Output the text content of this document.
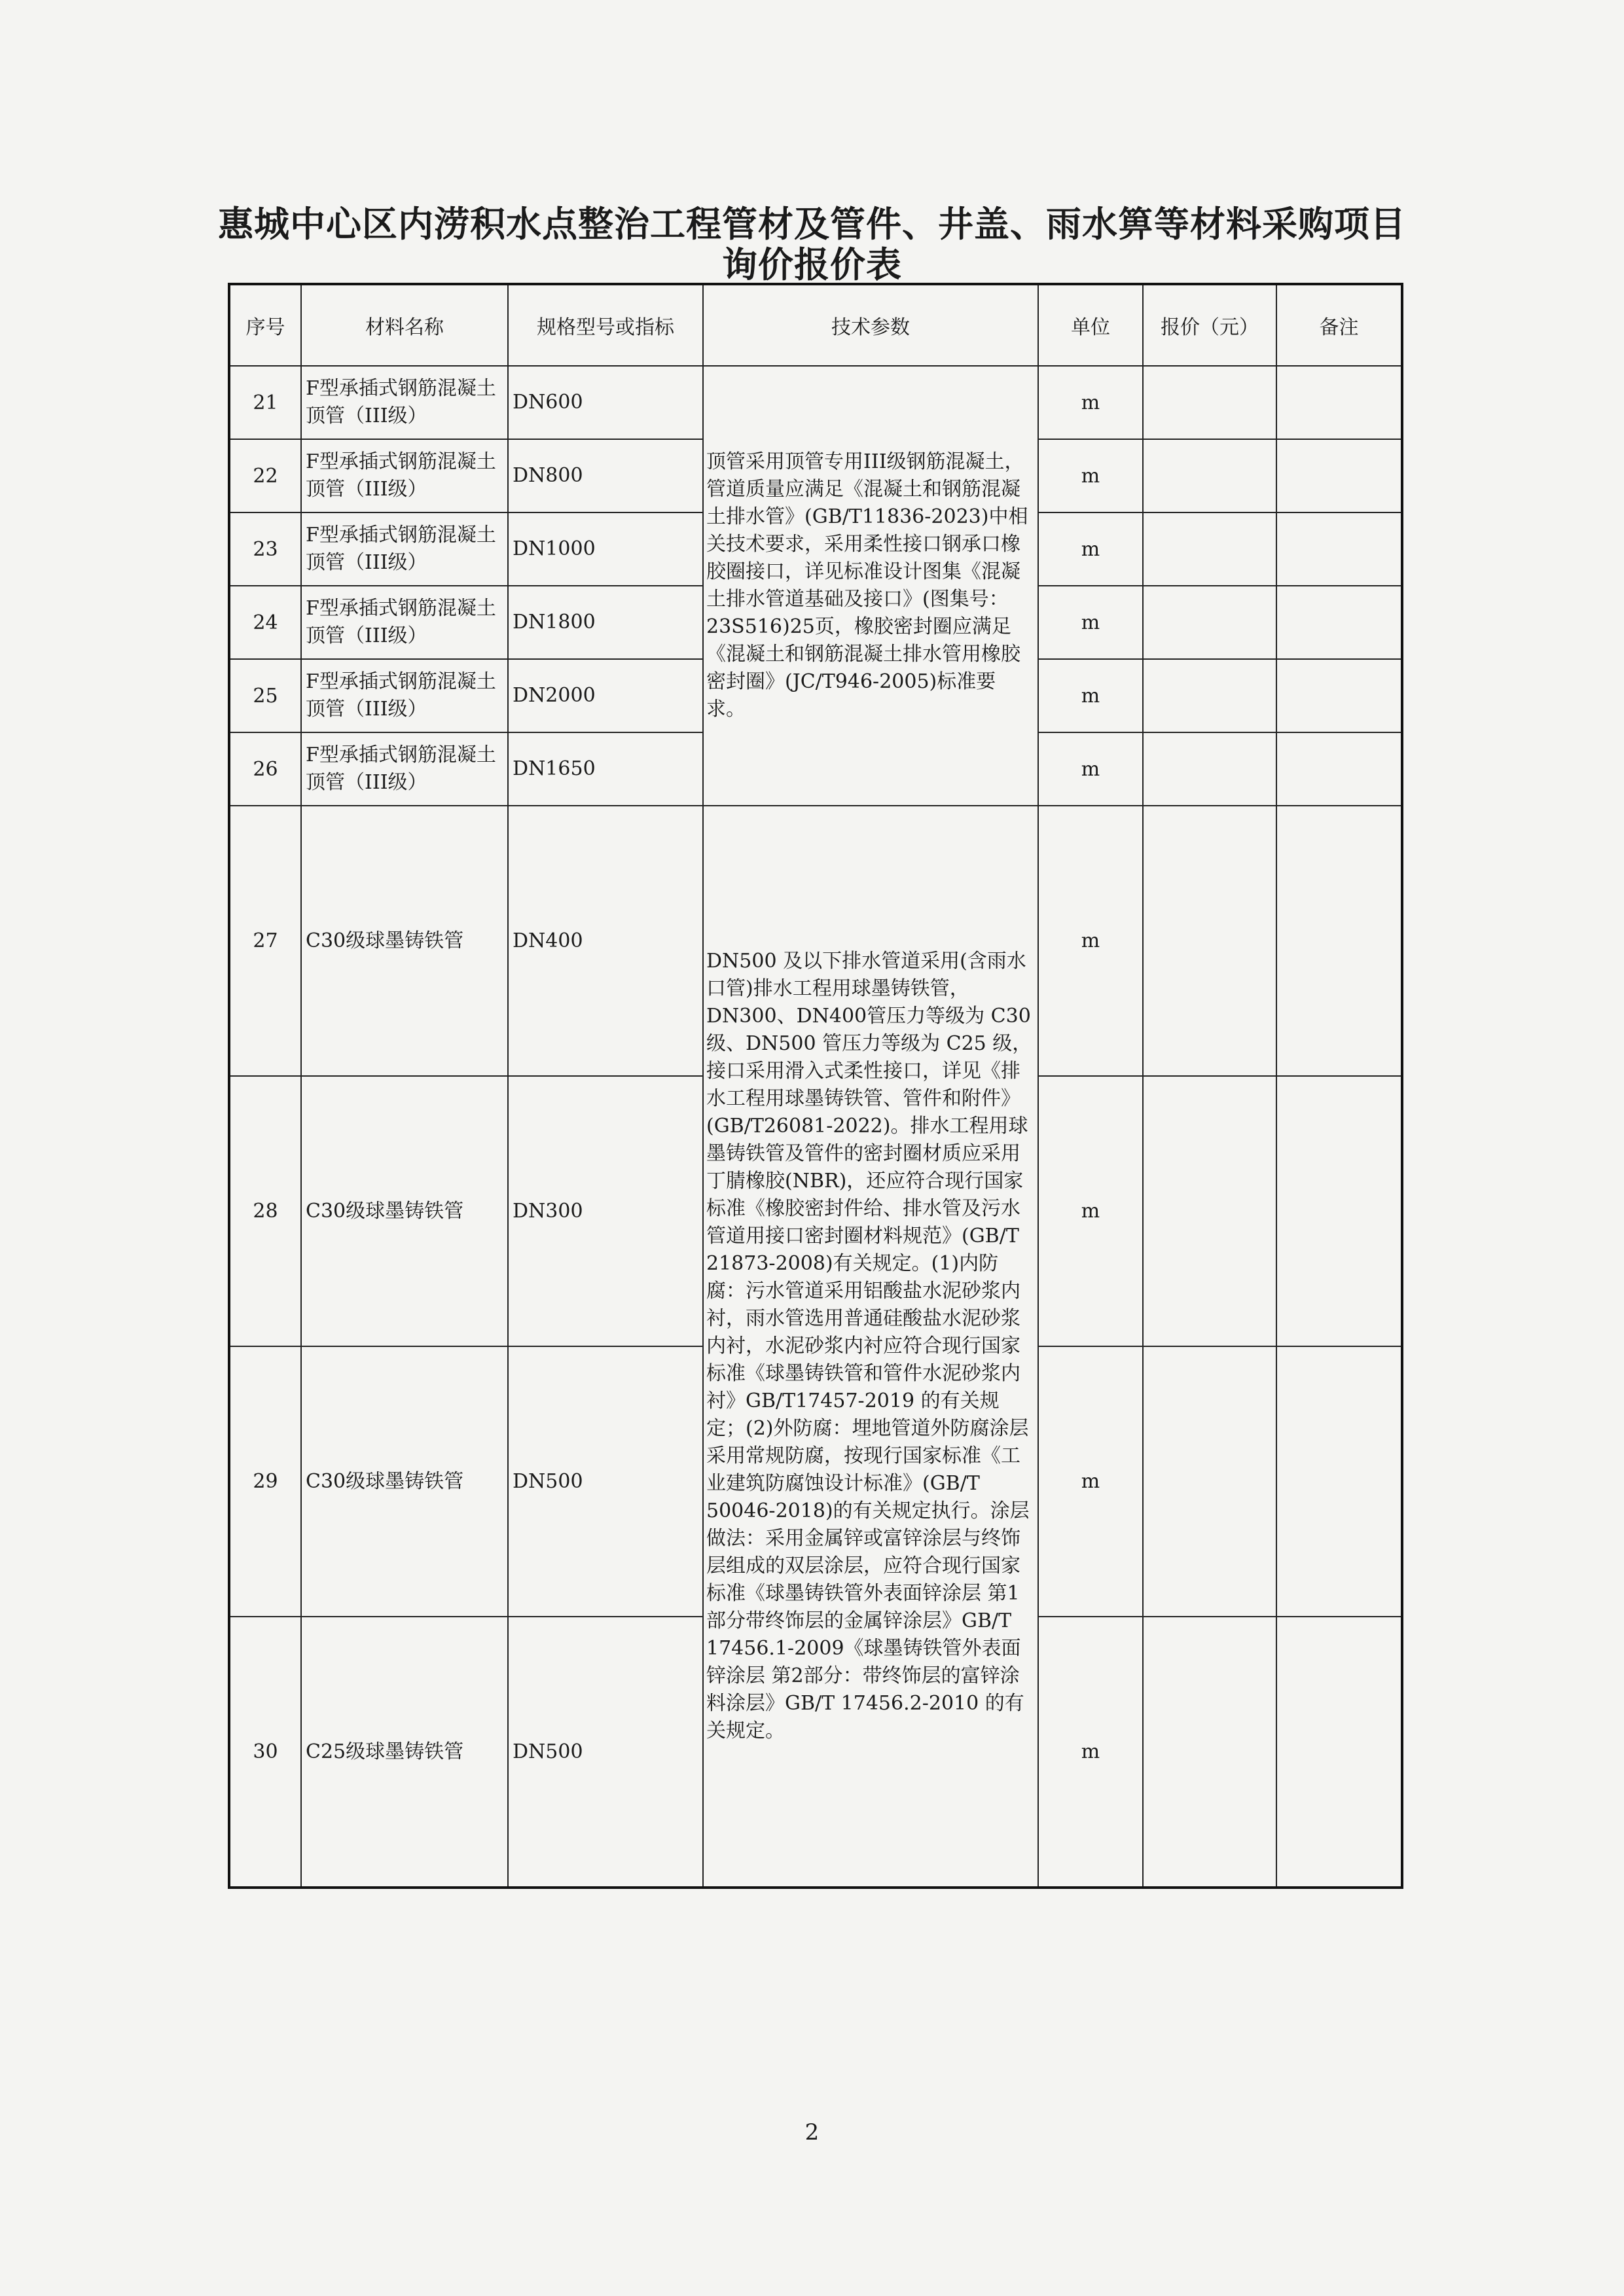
惠城中心区内涝积水点整治工程管材及管件、井盖、雨水箅等材料采购项目
询价报价表
序号	材料名称	规格型号或指标	技术参数	单位	报价（元）	备注
21	F型承插式钢筋混凝土顶管（III级）	DN600	顶管采用顶管专用III级钢筋混凝土，管道质量应满足《混凝土和钢筋混凝土排水管》(GB/T11836-2023)中相关技术要求，采用柔性接口钢承口橡胶圈接口，详见标准设计图集《混凝土排水管道基础及接口》(图集号：23S516)25页，橡胶密封圈应满足《混凝土和钢筋混凝土排水管用橡胶密封圈》(JC/T946-2005)标准要求。	m		
22	F型承插式钢筋混凝土顶管（III级）	DN800		m		
23	F型承插式钢筋混凝土顶管（III级）	DN1000		m		
24	F型承插式钢筋混凝土顶管（III级）	DN1800		m		
25	F型承插式钢筋混凝土顶管（III级）	DN2000		m		
26	F型承插式钢筋混凝土顶管（III级）	DN1650		m		
27	C30级球墨铸铁管	DN400	DN500 及以下排水管道采用(含雨水口管)排水工程用球墨铸铁管，DN300、DN400管压力等级为 C30 级、DN500 管压力等级为 C25 级，接口采用滑入式柔性接口，详见《排水工程用球墨铸铁管、管件和附件》(GB/T26081-2022)。排水工程用球墨铸铁管及管件的密封圈材质应采用丁腈橡胶(NBR)，还应符合现行国家标准《橡胶密封件给、排水管及污水管道用接口密封圈材料规范》(GB/T 21873-2008)有关规定。(1)内防腐：污水管道采用铝酸盐水泥砂浆内衬，雨水管选用普通硅酸盐水泥砂浆内衬，水泥砂浆内衬应符合现行国家标准《球墨铸铁管和管件水泥砂浆内衬》GB/T17457-2019 的有关规定；(2)外防腐：埋地管道外防腐涂层采用常规防腐，按现行国家标准《工业建筑防腐蚀设计标准》(GB/T 50046-2018)的有关规定执行。涂层做法：采用金属锌或富锌涂层与终饰层组成的双层涂层，应符合现行国家标准《球墨铸铁管外表面锌涂层 第1部分带终饰层的金属锌涂层》GB/T 17456.1-2009《球墨铸铁管外表面锌涂层 第2部分：带终饰层的富锌涂料涂层》GB/T 17456.2-2010 的有关规定。	m		
28	C30级球墨铸铁管	DN300		m		
29	C30级球墨铸铁管	DN500		m		
30	C25级球墨铸铁管	DN500		m		
2
